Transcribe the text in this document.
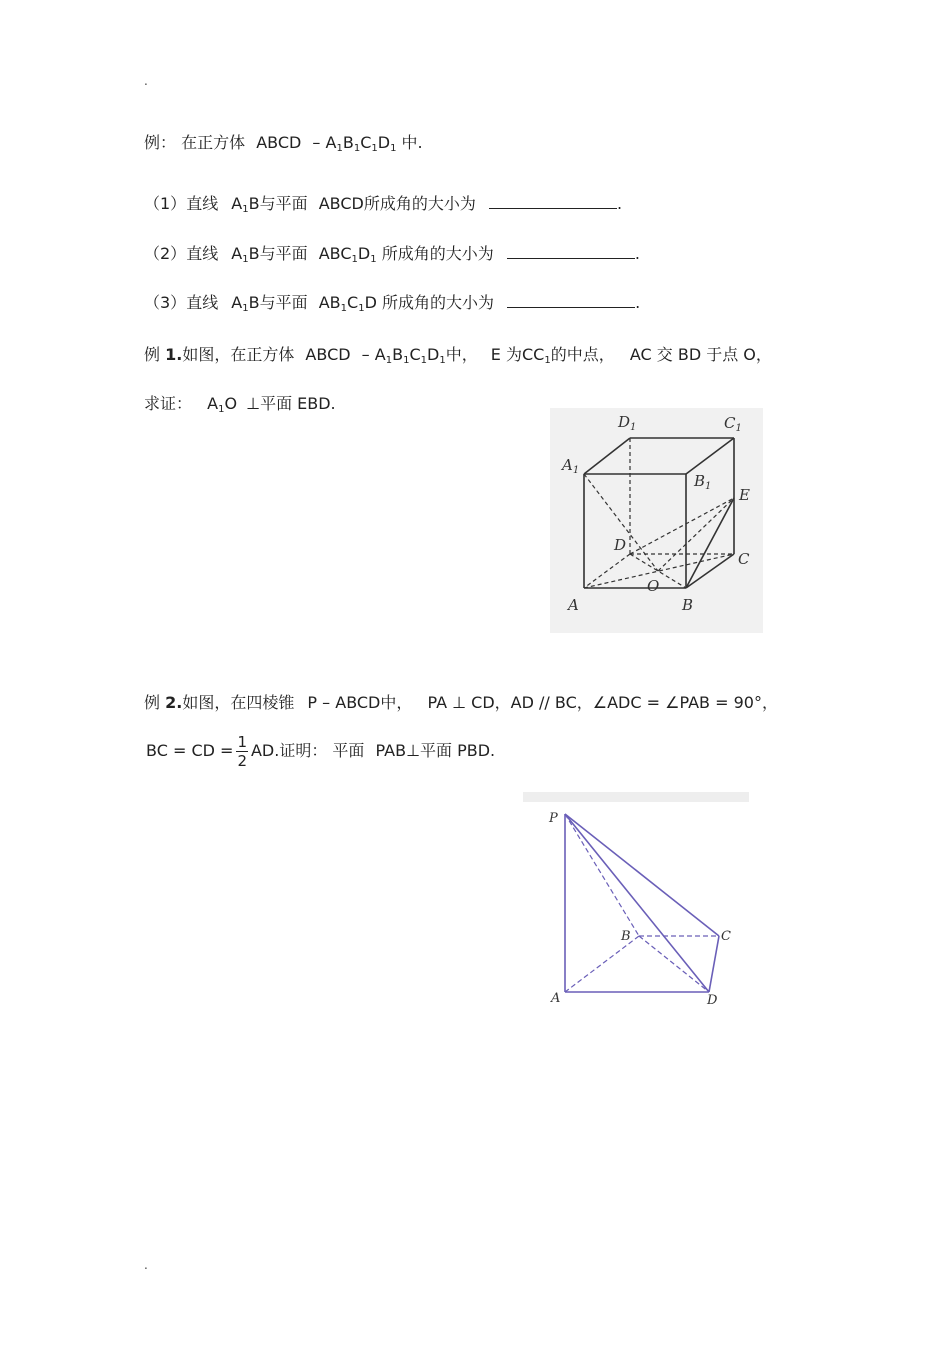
.
.
例： 在正方体 ABCD – $A_1B_1C_1D_1$ 中.
（1）直线 $A_1B$与平面 ABCD所成角的大小为	.
（2）直线 $A_1B$与平面 $ABC_1D_1$ 所成角的大小为	.
（3）直线 $A_1B$与平面 $AB_1C_1D$ 所成角的大小为	.
例 1.如图，在正方体 ABCD – $A_1B_1C_1D_1$中， E 为$CC_1$的中点， AC 交 BD 于点 O，
求证： $A_1O$ ⊥平面 EBD.
$D_1$	$C_1$
$A_1$
$B_1$ E
D
C
A
O
B
例 2.如图，在四棱锥 P – ABCD中， PA ⊥ CD，AD // BC，∠ADC = ∠PAB = 90°，
BC = CD = $\frac{1}{2}$ AD.证明： 平面 PAB⊥平面 PBD.
P
B	C
A	D
